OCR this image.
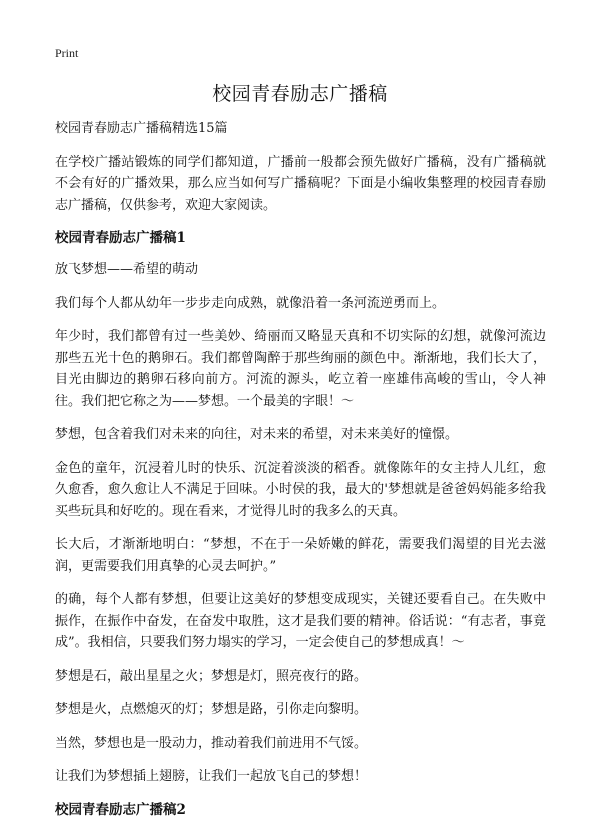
Print
校园青春励志广播稿

校园青春励志广播稿精选15篇

在学校广播站锻炼的同学们都知道，广播前一般都会预先做好广播稿，没有广播稿就不会有好的广播效果，那么应当如何写广播稿呢？下面是小编收集整理的校园青春励志广播稿，仅供参考，欢迎大家阅读。

校园青春励志广播稿1

放飞梦想——希望的萌动

我们每个人都从幼年一步步走向成熟，就像沿着一条河流逆勇而上。

年少时，我们都曾有过一些美妙、绮丽而又略显天真和不切实际的幻想，就像河流边那些五光十色的鹅卵石。我们都曾陶醉于那些绚丽的颜色中。渐渐地，我们长大了，目光由脚边的鹅卵石移向前方。河流的源头，屹立着一座雄伟高峻的雪山，令人神往。我们把它称之为——梦想。一个最美的字眼！～

梦想，包含着我们对未来的向往，对未来的希望，对未来美好的憧憬。

金色的童年，沉浸着儿时的快乐、沉淀着淡淡的稻香。就像陈年的女主持人儿红，愈久愈香，愈久愈让人不满足于回味。小时侯的我，最大的'梦想就是爸爸妈妈能多给我买些玩具和好吃的。现在看来，才觉得儿时的我多么的天真。

长大后，才渐渐地明白：“梦想，不在于一朵娇嫩的鲜花，需要我们渴望的目光去滋润，更需要我们用真挚的心灵去呵护。”

的确，每个人都有梦想，但要让这美好的梦想变成现实，关键还要看自己。在失败中振作，在振作中奋发，在奋发中取胜，这才是我们要的精神。俗话说：“有志者，事竟成”。我相信，只要我们努力塌实的学习，一定会使自己的梦想成真！～

梦想是石，敲出星星之火；梦想是灯，照亮夜行的路。

梦想是火，点燃熄灭的灯；梦想是路，引你走向黎明。

当然，梦想也是一股动力，推动着我们前进用不气馁。

让我们为梦想插上翅膀，让我们一起放飞自己的梦想！

校园青春励志广播稿2
